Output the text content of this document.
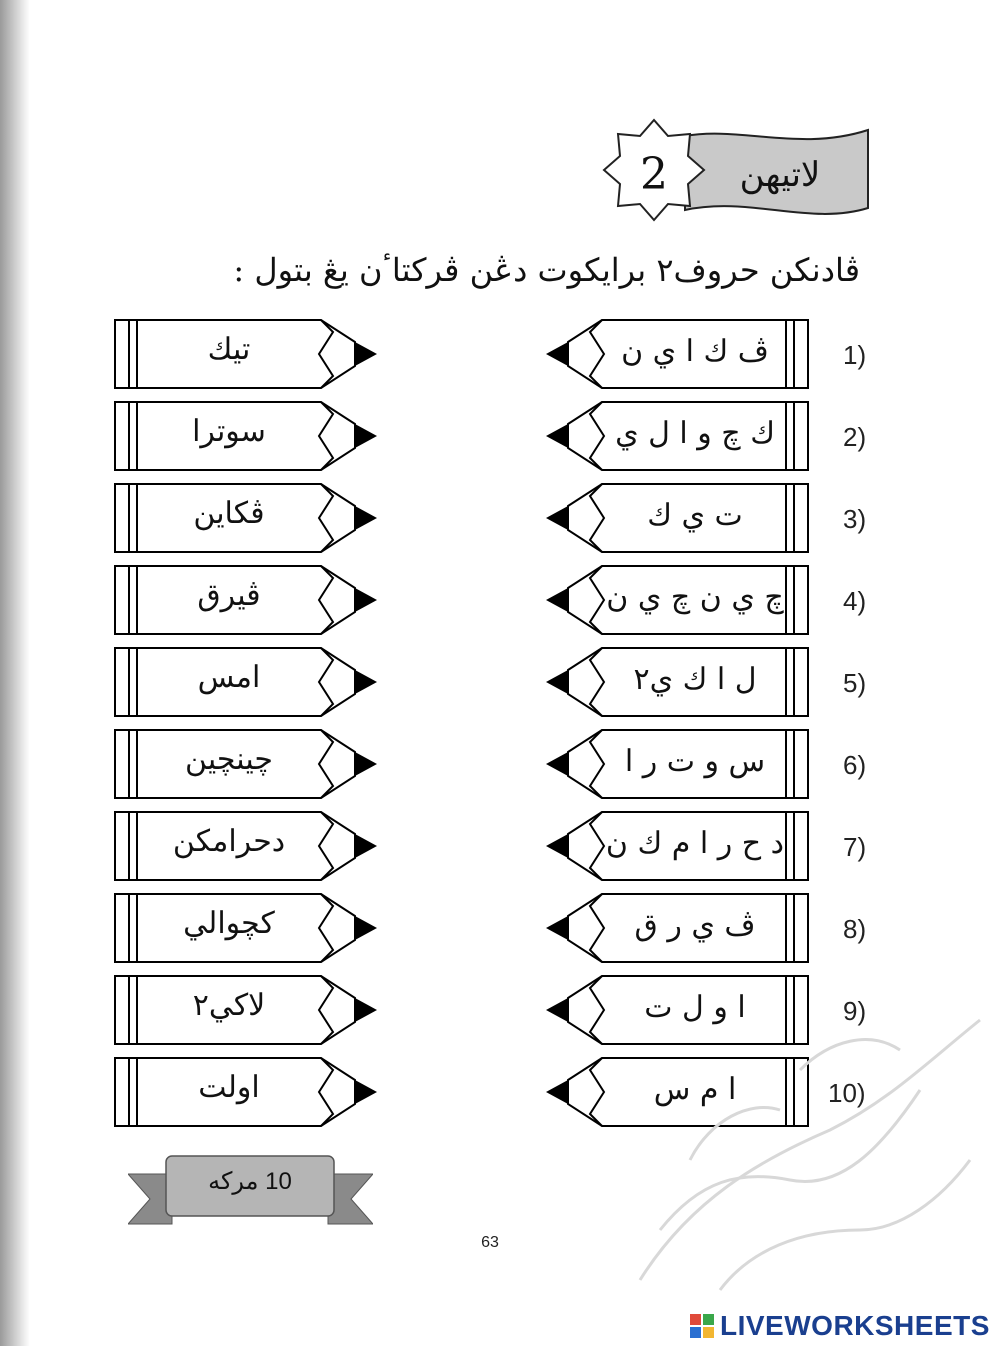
لاتيهن
2
ڤادنكن حروف٢ برايكوت دڠن ڤركتاٴن يڠ بتول :
1)
ڤ ك ا ي ن
تيك
2)
ك چ و ا ل ي
سوترا
3)
ت ي ك
ڤكاين
4)
چ ي ن چ ي ن
ڤيرق
5)
ل ا ك ي٢
امس
6)
س و ت ر ا
چينچين
7)
د ح ر ا م ك ن
دحرامكن
8)
ڤ ي ر ق
كچوالي
9)
ا و ل ت
لاكي٢
10)
ا م س
اولت
10 مركه
63
LIVEWORKSHEETS
